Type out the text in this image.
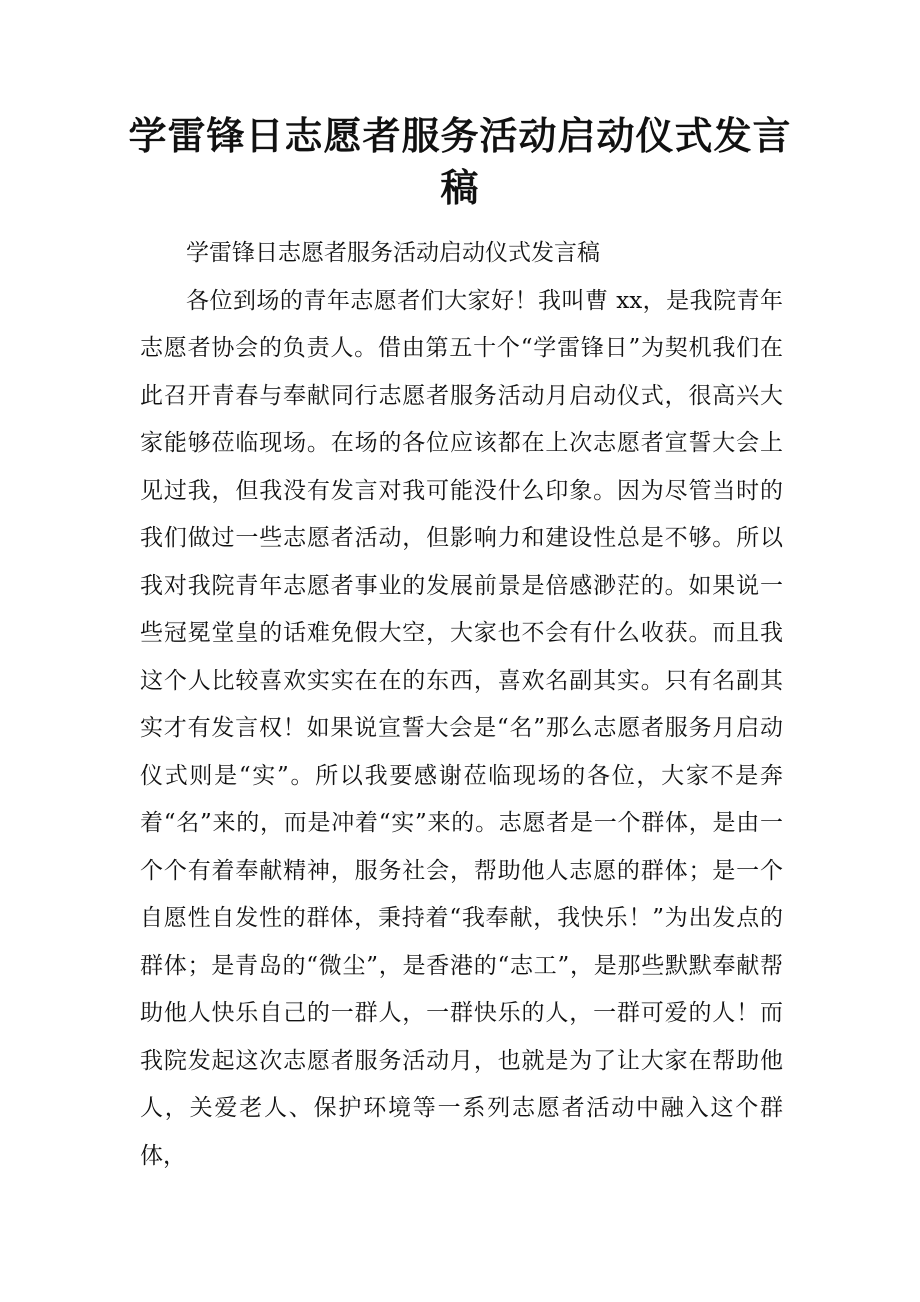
学雷锋日志愿者服务活动启动仪式发言稿

学雷锋日志愿者服务活动启动仪式发言稿

各位到场的青年志愿者们大家好！我叫曹 xx，是我院青年志愿者协会的负责人。借由第五十个“学雷锋日”为契机我们在此召开青春与奉献同行志愿者服务活动月启动仪式，很高兴大家能够莅临现场。在场的各位应该都在上次志愿者宣誓大会上见过我，但我没有发言对我可能没什么印象。因为尽管当时的我们做过一些志愿者活动，但影响力和建设性总是不够。所以我对我院青年志愿者事业的发展前景是倍感渺茫的。如果说一些冠冕堂皇的话难免假大空，大家也不会有什么收获。而且我这个人比较喜欢实实在在的东西，喜欢名副其实。只有名副其实才有发言权！如果说宣誓大会是“名”那么志愿者服务月启动仪式则是“实”。所以我要感谢莅临现场的各位，大家不是奔着“名”来的，而是冲着“实”来的。志愿者是一个群体，是由一个个有着奉献精神，服务社会，帮助他人志愿的群体；是一个自愿性自发性的群体，秉持着“我奉献，我快乐！”为出发点的群体；是青岛的“微尘”，是香港的“志工”，是那些默默奉献帮助他人快乐自己的一群人，一群快乐的人，一群可爱的人！而我院发起这次志愿者服务活动月，也就是为了让大家在帮助他人，关爱老人、保护环境等一系列志愿者活动中融入这个群体，
